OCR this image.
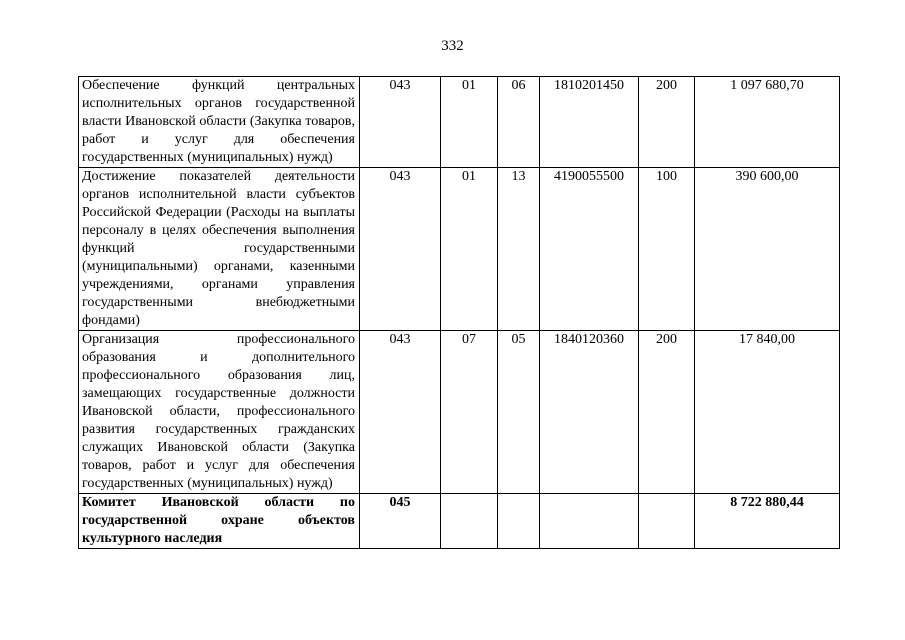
332
Обеспечение функций центральных исполнительных органов государственной власти Ивановской области (Закупка товаров, работ и услуг для обеспечения государственных (муниципальных) нужд)	043	01	06	1810201450	200	1 097 680,70
Достижение показателей деятельности органов исполнительной власти субъектов Российской Федерации (Расходы на выплаты персоналу в целях обеспечения выполнения функций государственными (муниципальными) органами, казенными учреждениями, органами управления государственными внебюджетными фондами)	043	01	13	4190055500	100	390 600,00
Организация профессионального образования и дополнительного профессионального образования лиц, замещающих государственные должности Ивановской области, профессионального развития государственных гражданских служащих Ивановской области (Закупка товаров, работ и услуг для обеспечения государственных (муниципальных) нужд)	043	07	05	1840120360	200	17 840,00
Комитет Ивановской области по государственной охране объектов культурного наследия	045					8 722 880,44
